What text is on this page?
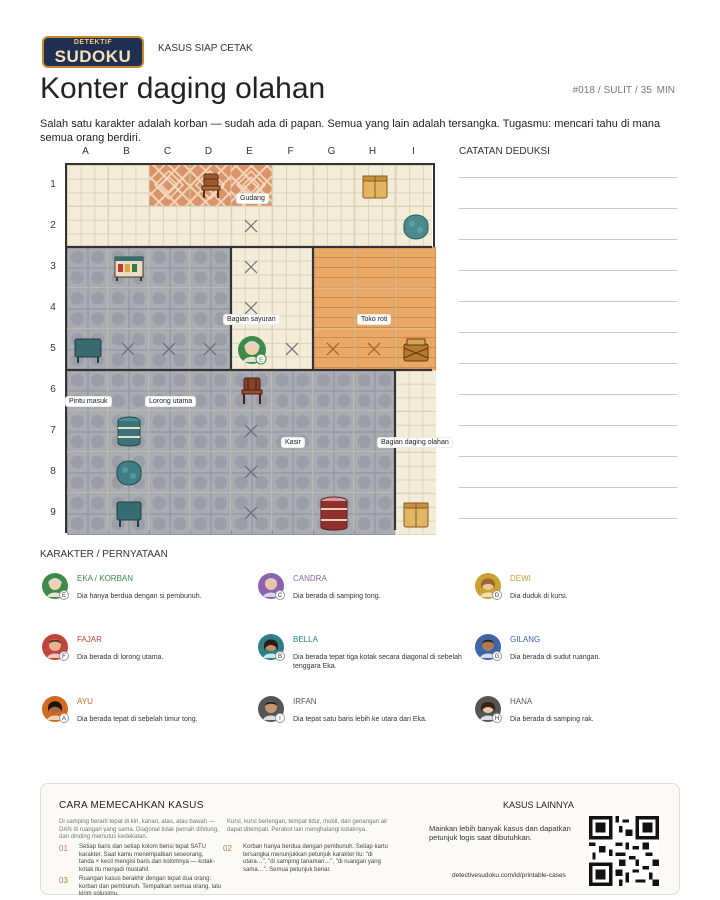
DETEKTIF
SUDOKU	KASUS SIAP CETAK
Konter daging olahan	#018 / SULIT / 35 MIN
Salah satu karakter adalah korban — sudah ada di papan. Semua yang lain adalah tersangka. Tugasmu: mencari tahu di mana semua orang berdiri.
A	B	C	D	E	F	G	H	I
1
2
3
4
5
6
7
8
9
E
Gudang
Bagian sayuran	Toko roti
Pintu masuk	Lorong utama
Kasir	Bagian daging olahan
CATATAN DEDUKSI
KARAKTER / PERNYATAAN
E
EKA / KORBAN
Dia hanya berdua dengan si pembunuh.	C
CANDRA
Dia berada di samping tong.	D
DEWI
Dia duduk di kursi.
F
FAJAR
Dia berada di lorong utama.	B
BELLA
Dia berada tepat tiga kotak secara diagonal di sebelah tenggara Eka.
G
GILANG
Dia berada di sudut ruangan.
A
AYU
Dia berada tepat di sebelah timur tong.	I
IRFAN
Dia tepat satu baris lebih ke utara dari Eka.	H
HANA
Dia berada di samping rak.
CARA MEMECAHKAN KASUS
Di samping berarti tepat di kiri, kanan, atas, atau bawah — DAN di ruangan yang sama. Diagonal tidak pernah dihitung, dan dinding memutus kedekatan.
Kursi, kursi berlengan, tempat tidur, mobil, dan genangan air dapat ditempati. Perabot lain menghalangi kotaknya.
01 Setiap baris dan setiap kolom berisi tepat SATU karakter. Saat kamu menempatkan seseorang, tanda × kecil mengisi baris dan kolomnya — kotak-kotak itu menjadi mustahil.
02 Korban hanya berdua dengan pembunuh. Setiap kartu tersangka menunjukkan petunjuk karakter itu: "di utara…", "di samping tanaman…", "di ruangan yang sama…". Semua petunjuk benar.
03 Ruangan kasus berakhir dengan tepat dua orang: korban dan pembunuh. Tempatkan semua orang, lalu kirim solusimu.
KASUS LAINNYA
Mainkan lebih banyak kasus dan dapatkan petunjuk logis saat dibutuhkan.
detectivesudoku.com/id/printable-cases
